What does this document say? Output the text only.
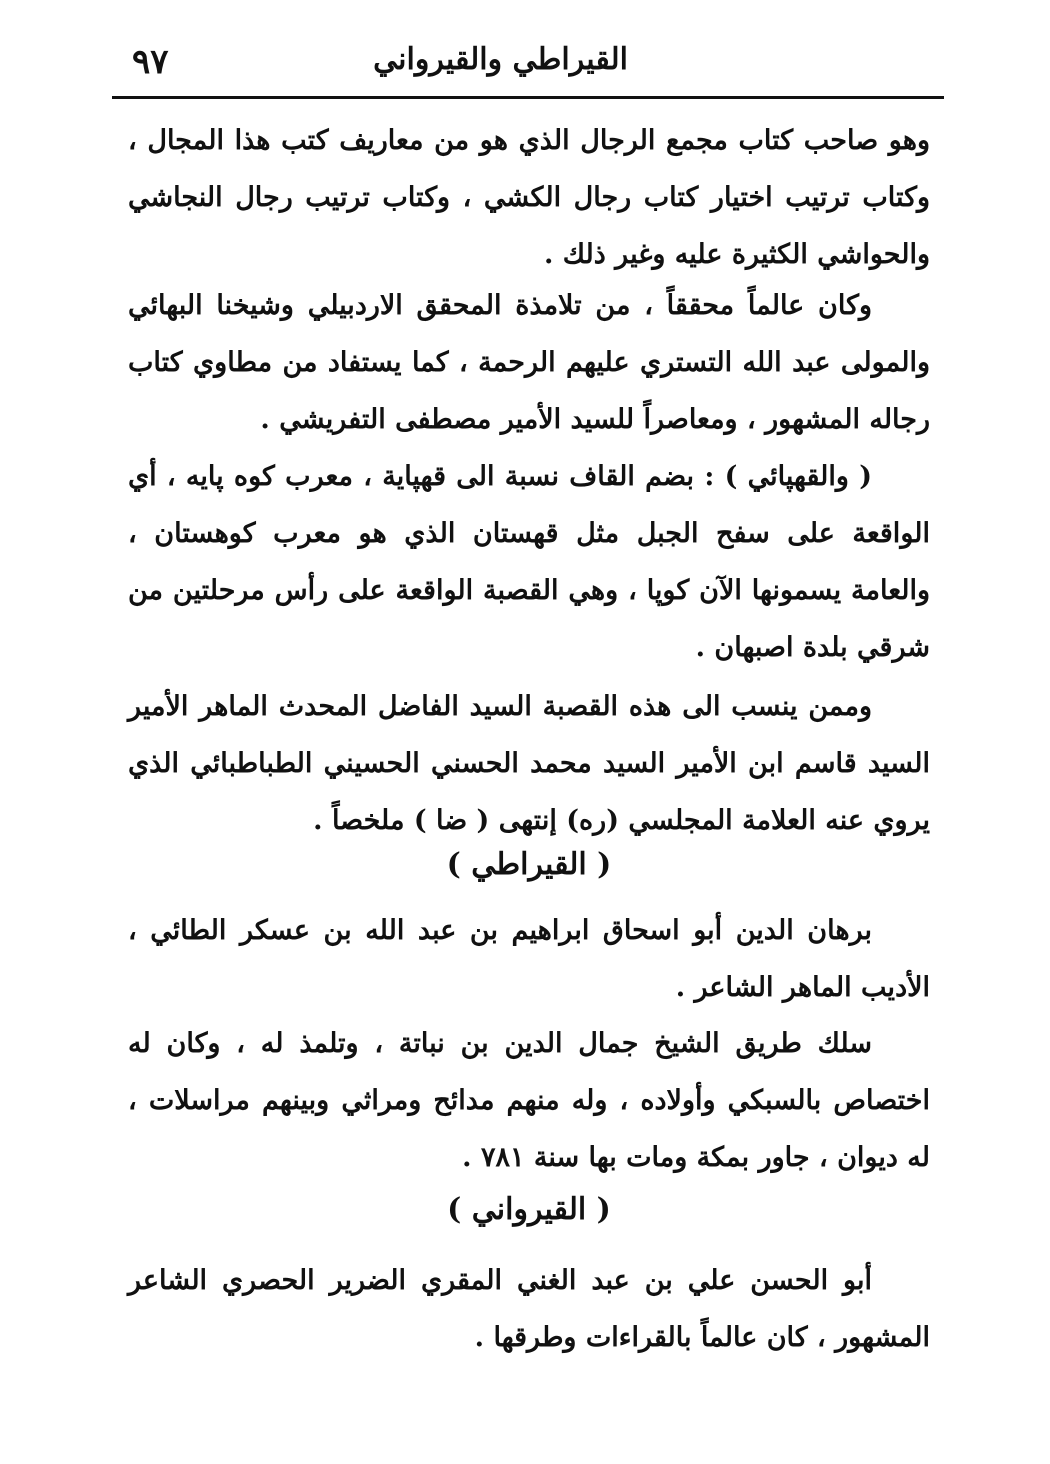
٩٧	القيراطي والقيرواني

وهو صاحب كتاب مجمع الرجال الذي هو من معاريف كتب هذا المجال ، وكتاب ترتيب اختيار كتاب رجال الكشي ، وكتاب ترتيب رجال النجاشي والحواشي الكثيرة عليه وغير ذلك .

وكان عالماً محققاً ، من تلامذة المحقق الاردبيلي وشيخنا البهائي والمولى عبد الله التستري عليهم الرحمة ، كما يستفاد من مطاوي كتاب رجاله المشهور ، ومعاصراً للسيد الأمير مصطفى التفريشي .

( والقهپائي ) : بضم القاف نسبة الى قهپاية ، معرب كوه پايه ، أي الواقعة على سفح الجبل مثل قهستان الذي هو معرب كوهستان ، والعامة يسمونها الآن كوپا ، وهي القصبة الواقعة على رأس مرحلتين من شرقي بلدة اصبهان .

وممن ينسب الى هذه القصبة السيد الفاضل المحدث الماهر الأمير السيد قاسم ابن الأمير السيد محمد الحسني الحسيني الطباطبائي الذي يروي عنه العلامة المجلسي (ره) إنتهى ( ضا ) ملخصاً .

( القيراطي )

برهان الدين أبو اسحاق ابراهيم بن عبد الله بن عسكر الطائي ، الأديب الماهر الشاعر .

سلك طريق الشيخ جمال الدين بن نباتة ، وتلمذ له ، وكان له اختصاص بالسبكي وأولاده ، وله منهم مدائح ومراثي وبينهم مراسلات ، له ديوان ، جاور بمكة ومات بها سنة ٧٨١ .

( القيرواني )

أبو الحسن علي بن عبد الغني المقري الضرير الحصري الشاعر المشهور ، كان عالماً بالقراءات وطرقها .
